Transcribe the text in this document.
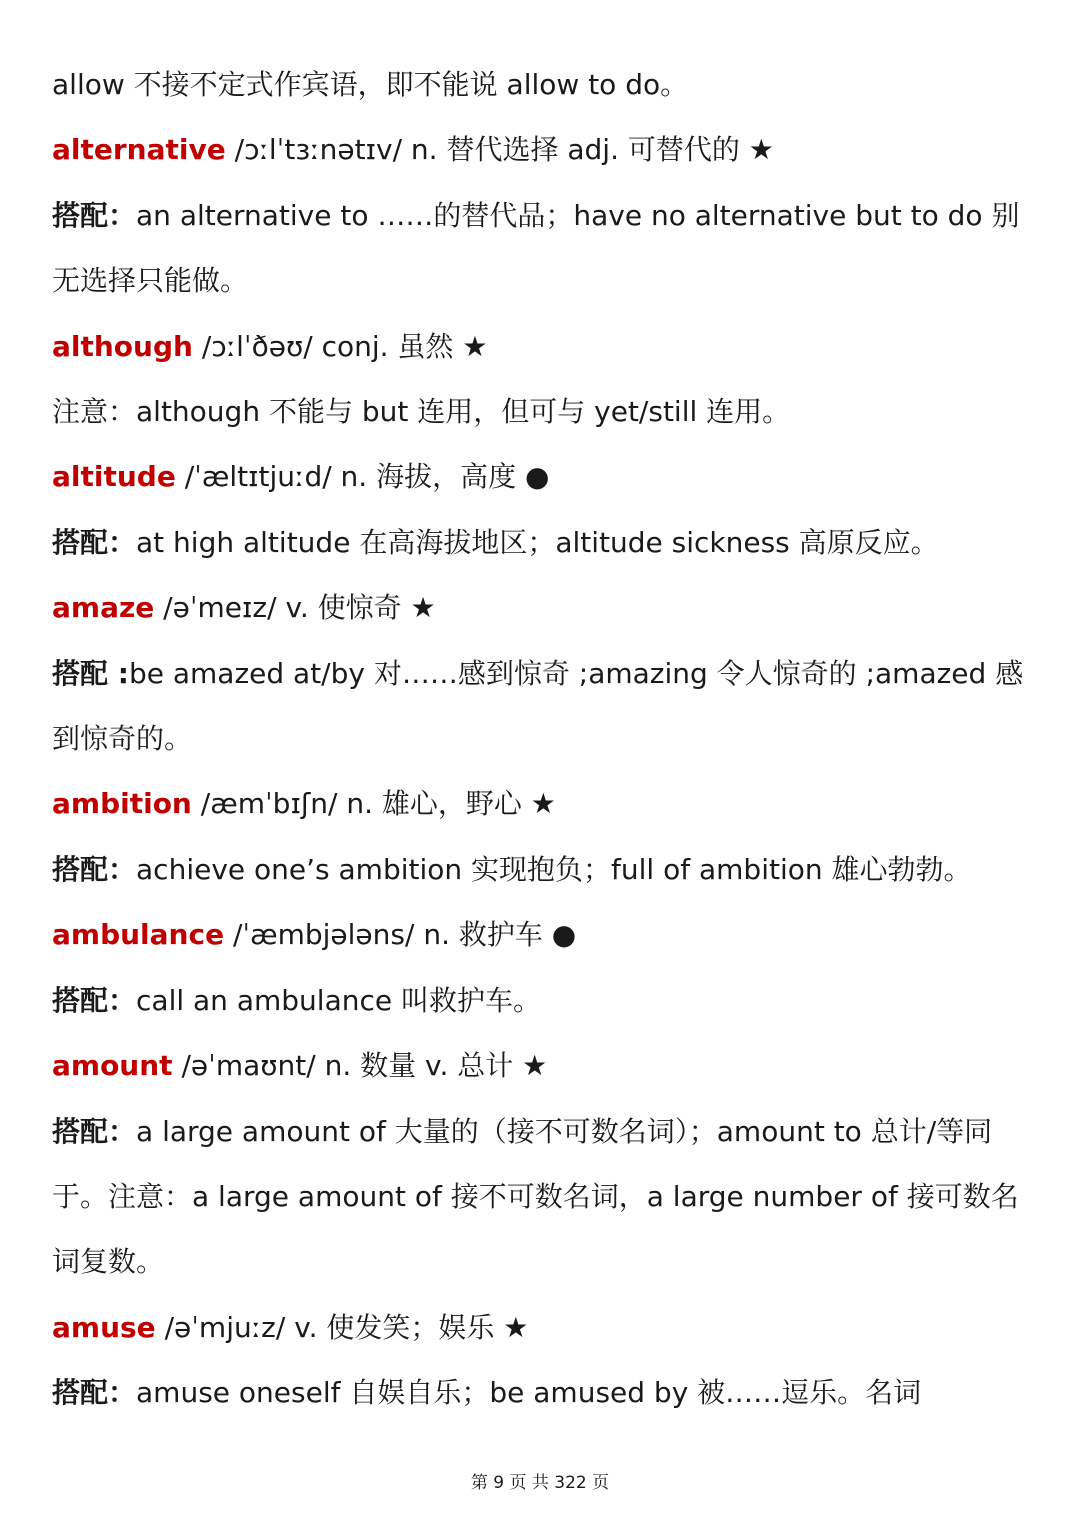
allow 不接不定式作宾语，即不能说 allow to do。

alternative /ɔːlˈtɜːnətɪv/ n. 替代选择 adj. 可替代的 ★

搭配：an alternative to ……的替代品；have no alternative but to do 别无选择只能做。

although /ɔːlˈðəʊ/ conj. 虽然 ★

注意：although 不能与 but 连用，但可与 yet/still 连用。

altitude /ˈæltɪtjuːd/ n. 海拔，高度 ●

搭配：at high altitude 在高海拔地区；altitude sickness 高原反应。

amaze /əˈmeɪz/ v. 使惊奇 ★

搭配 :be amazed at/by 对……感到惊奇 ;amazing 令人惊奇的 ;amazed 感到惊奇的。

ambition /æmˈbɪʃn/ n. 雄心，野心 ★

搭配：achieve one’s ambition 实现抱负；full of ambition 雄心勃勃。

ambulance /ˈæmbjələns/ n. 救护车 ●

搭配：call an ambulance 叫救护车。

amount /əˈmaʊnt/ n. 数量 v. 总计 ★

搭配：a large amount of 大量的（接不可数名词）；amount to 总计/等同于。注意：a large amount of 接不可数名词，a large number of 接可数名词复数。

amuse /əˈmjuːz/ v. 使发笑；娱乐 ★

搭配：amuse oneself 自娱自乐；be amused by 被……逗乐。名词

第 9 页 共 322 页
